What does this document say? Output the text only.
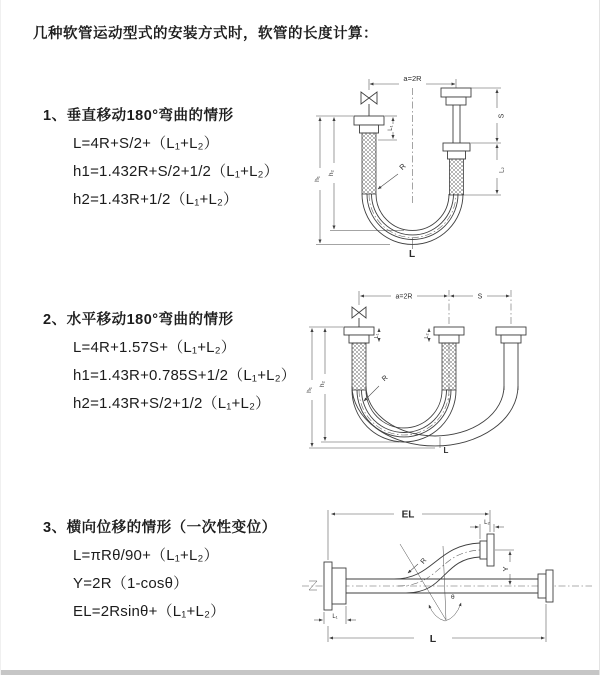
几种软管运动型式的安装方式时，软管的长度计算：
1、垂直移动180°弯曲的情形
L=4R+S/2+（L₁+L₂）
h1=1.432R+S/2+1/2（L₁+L₂）
h2=1.43R+1/2（L₁+L₂）
a=2R
L₁
S
L₂
R
h₂
h₁
L
2、水平移动180°弯曲的情形
L=4R+1.57S+（L₁+L₂）
h1=1.43R+0.785S+1/2（L₁+L₂）
h2=1.43R+S/2+1/2（L₁+L₂）
a=2R	S
L₁	L₂
R
h₂
h₁
L
3、横向位移的情形（一次性变位）
L=πRθ/90+（L₁+L₂）
Y=2R（1-cosθ）
EL=2Rsinθ+（L₁+L₂）
EL
L₂
Y
R
θ
L₁
L
